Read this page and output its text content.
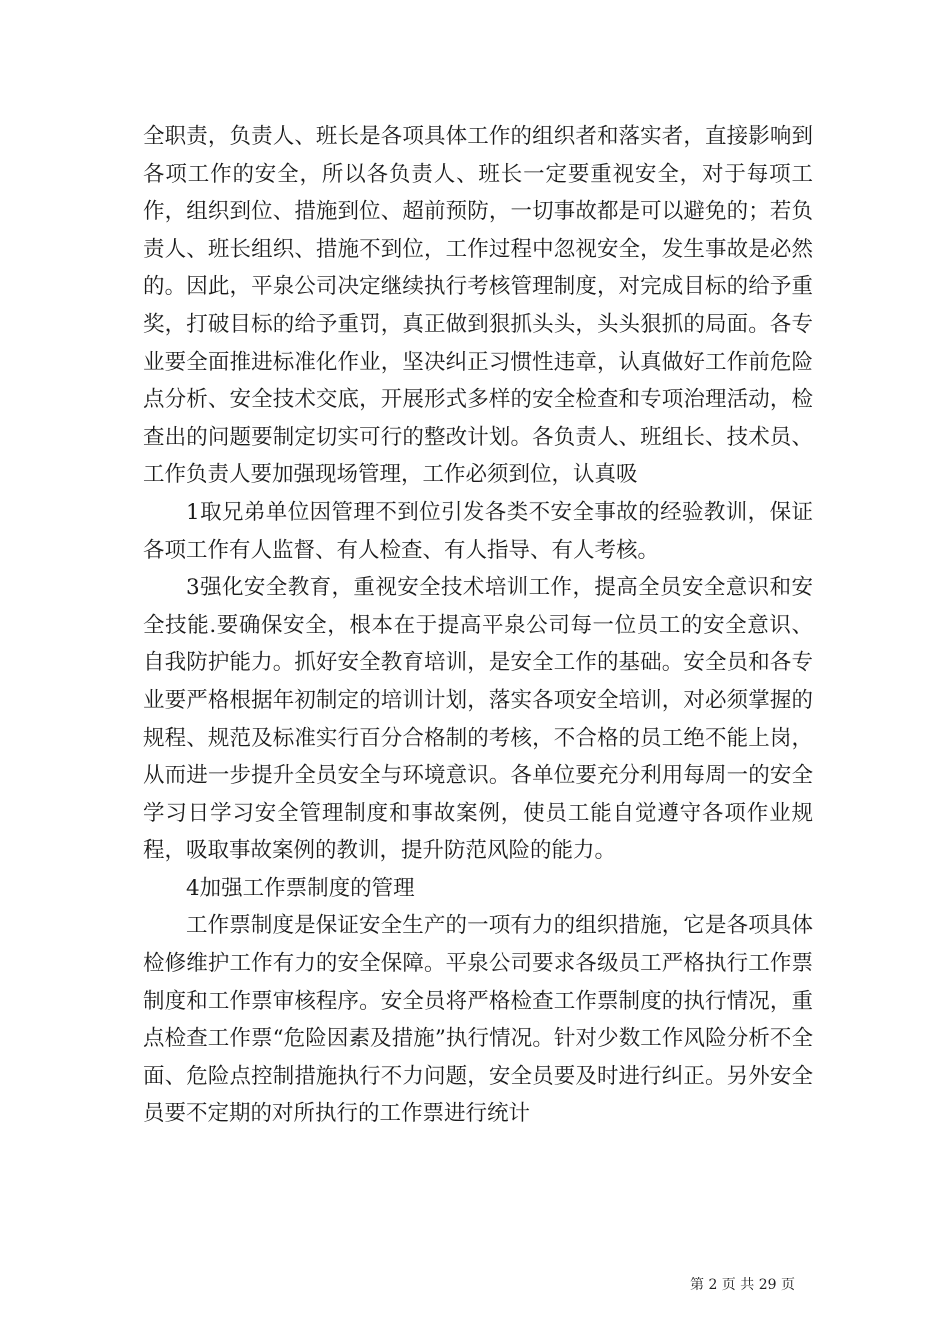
全职责，负责人、班长是各项具体工作的组织者和落实者，直接影响到各项工作的安全，所以各负责人、班长一定要重视安全，对于每项工作，组织到位、措施到位、超前预防，一切事故都是可以避免的；若负责人、班长组织、措施不到位，工作过程中忽视安全，发生事故是必然的。因此，平泉公司决定继续执行考核管理制度，对完成目标的给予重奖，打破目标的给予重罚，真正做到狠抓头头，头头狠抓的局面。各专业要全面推进标准化作业，坚决纠正习惯性违章，认真做好工作前危险点分析、安全技术交底，开展形式多样的安全检查和专项治理活动，检查出的问题要制定切实可行的整改计划。各负责人、班组长、技术员、工作负责人要加强现场管理，工作必须到位，认真吸

1取兄弟单位因管理不到位引发各类不安全事故的经验教训，保证各项工作有人监督、有人检查、有人指导、有人考核。

3强化安全教育，重视安全技术培训工作，提高全员安全意识和安全技能.要确保安全，根本在于提高平泉公司每一位员工的安全意识、自我防护能力。抓好安全教育培训，是安全工作的基础。安全员和各专业要严格根据年初制定的培训计划，落实各项安全培训，对必须掌握的规程、规范及标准实行百分合格制的考核，不合格的员工绝不能上岗，从而进一步提升全员安全与环境意识。各单位要充分利用每周一的安全学习日学习安全管理制度和事故案例，使员工能自觉遵守各项作业规程，吸取事故案例的教训，提升防范风险的能力。

4加强工作票制度的管理

工作票制度是保证安全生产的一项有力的组织措施，它是各项具体检修维护工作有力的安全保障。平泉公司要求各级员工严格执行工作票制度和工作票审核程序。安全员将严格检查工作票制度的执行情况，重点检查工作票“危险因素及措施”执行情况。针对少数工作风险分析不全面、危险点控制措施执行不力问题，安全员要及时进行纠正。另外安全员要不定期的对所执行的工作票进行统计

第 2 页 共 29 页
